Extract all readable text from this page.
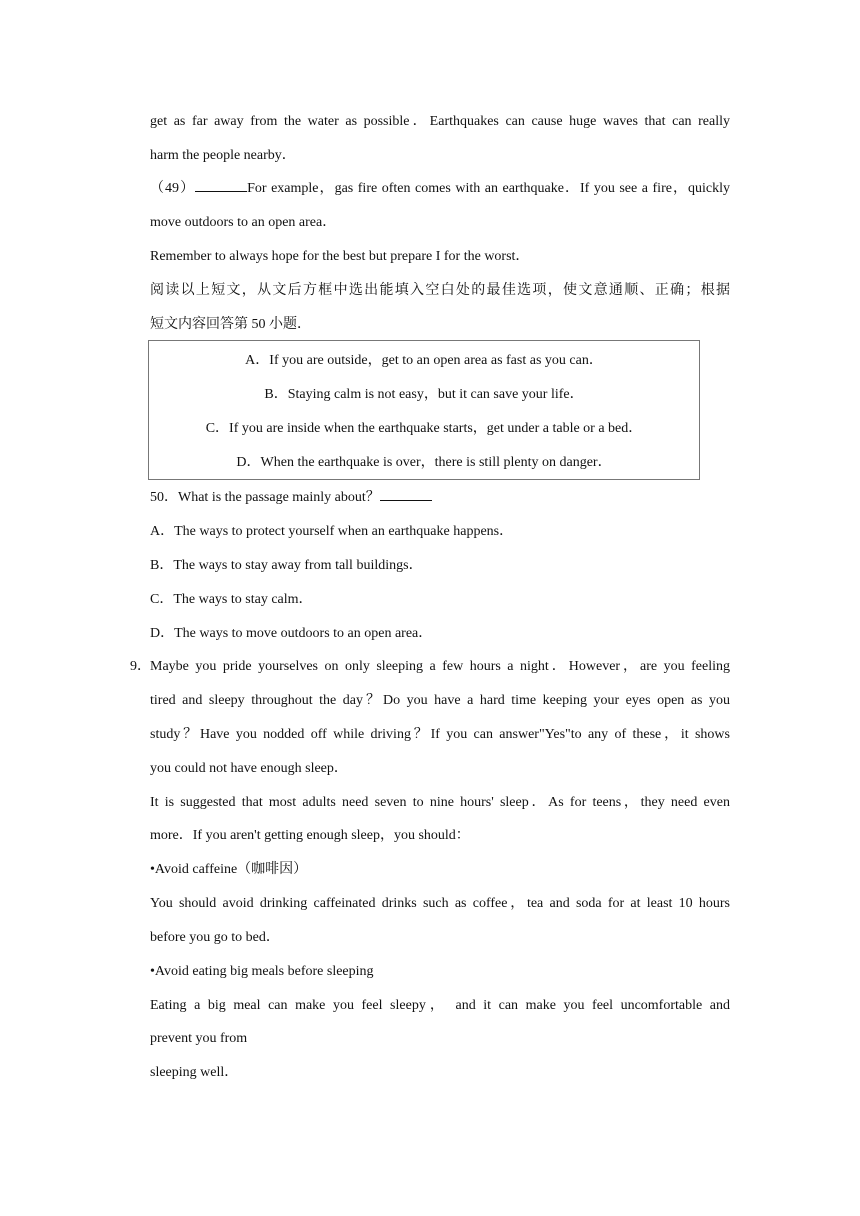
get as far away from the water as possible．Earthquakes can cause huge waves that can really
harm the people nearby．
（49）	For example，gas fire often comes with an earthquake．If you see a fire，quickly
move outdoors to an open area．
Remember to always hope for the best but prepare I for the worst．
阅读以上短文，从文后方框中选出能填入空白处的最佳选项，使文意通顺、正确；根据
短文内容回答第 50 小题．
A．If you are outside，get to an open area as fast as you can．
B．Staying calm is not easy，but it can save your life．
C．If you are inside when the earthquake starts，get under a table or a bed．
D．When the earthquake is over，there is still plenty on danger．
50．What is the passage mainly about？
A．The ways to protect yourself when an earthquake happens．
B．The ways to stay away from tall buildings．
C．The ways to stay calm．
D．The ways to move outdoors to an open area．
9． Maybe you pride yourselves on only sleeping a few hours a night．However，are you feeling
tired and sleepy throughout the day？Do you have a hard time keeping your eyes open as you
study？Have you nodded off while driving？If you can answer"Yes"to any of these，it shows
you could not have enough sleep．
It is suggested that most adults need seven to nine hours' sleep．As for teens，they need even
more．If you aren't getting enough sleep，you should：
•Avoid caffeine（咖啡因）
You should avoid drinking caffeinated drinks such as coffee，tea and soda for at least 10 hours
before you go to bed．
•Avoid eating big meals before sleeping
Eating a big meal can make you feel sleepy， and it can make you feel uncomfortable and
prevent you from
sleeping well．
